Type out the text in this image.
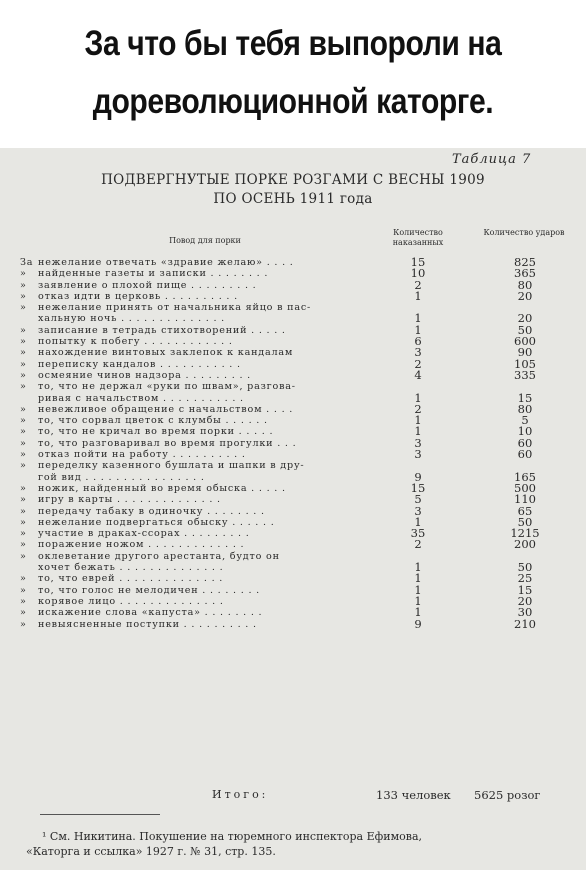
За что бы тебя выпороли на
дореволюционной каторге.
Таблица 7
ПОДВЕРГНУТЫЕ ПОРКЕ РОЗГАМИ С ВЕСНЫ 1909
ПО ОСЕНЬ 1911 года
Повод для порки
Количество наказанных
Количество ударов
За нежелание отвечать «здравие желаю» . . . .	15	825
» найденные газеты и записки . . . . . . . .	10	365
» заявление о плохой пище . . . . . . . . .	2	80
» отказ идти в церковь . . . . . . . . . .	1	20
» нежелание принять от начальника яйцо в пас-
хальную ночь . . . . . . . . . . . . . .	1	20
» записание в тетрадь стихотворений . . . . .	1	50
» попытку к побегу . . . . . . . . . . . .	6	600
» нахождение винтовых заклепок к кандалам	3	90
» переписку кандалов . . . . . . . . . . .	2	105
» осмеяние чинов надзора . . . . . . . . .	4	335
» то, что не держал «руки по швам», разгова-
ривая с начальством . . . . . . . . . . .	1	15
» невежливое обращение с начальством . . . .	2	80
» то, что сорвал цветок с клумбы . . . . . .	1	5
» то, что не кричал во время порки . . . . .	1	10
» то, что разговаривал во время прогулки . . .	3	60
» отказ пойти на работу . . . . . . . . . .	3	60
» переделку казенного бушлата и шапки в дру-
гой вид . . . . . . . . . . . . . . . .	9	165
» ножик, найденный во время обыска . . . . .	15	500
» игру в карты . . . . . . . . . . . . . .	5	110
» передачу табаку в одиночку . . . . . . . .	3	65
» нежелание подвергаться обыску . . . . . .	1	50
» участие в драках-ссорах . . . . . . . . .	35	1215
» поражение ножом . . . . . . . . . . . . .	2	200
» оклеветание другого арестанта, будто он
хочет бежать . . . . . . . . . . . . . .	1	50
» то, что еврей . . . . . . . . . . . . . .	1	25
» то, что голос не мелодичен . . . . . . . .	1	15
» корявое лицо . . . . . . . . . . . . . .	1	20
» искажение слова «капуста» . . . . . . . .	1	30
» невыясненные поступки . . . . . . . . . .	9	210
Итого:	133 человек 5625 розог
¹ См. Никитина. Покушение на тюремного инспектора Ефимова,
«Каторга и ссылка» 1927 г. № 31, стр. 135.
